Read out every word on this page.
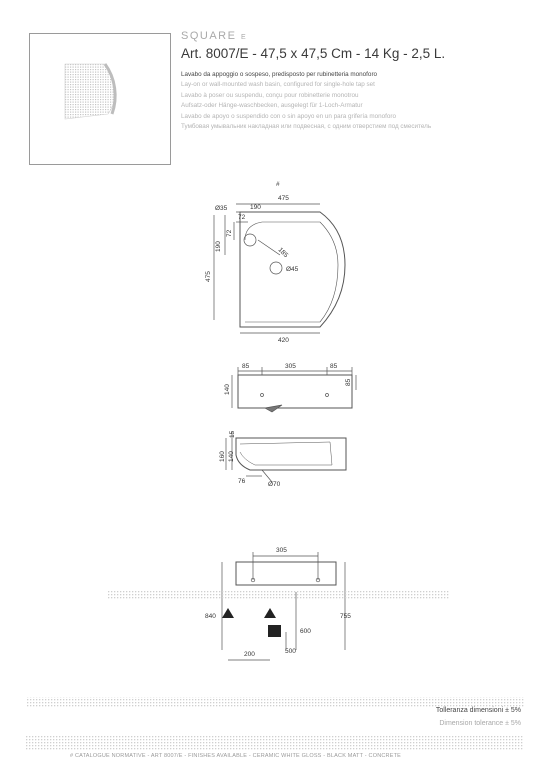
SQUARE E
Art. 8007/E - 47,5 x 47,5 Cm - 14 Kg - 2,5 L.
Lavabo da appoggio o sospeso, predisposto per rubinetteria monoforo
Lay-on or wall-mounted wash basin, configured for single-hole tap set
Lavabo à poser ou suspendu, conçu pour robinetterie monotrou
Aufsatz-oder Hänge-waschbecken, ausgelegt für 1-Loch-Armatur
Lavabo de apoyo o suspendido con o sin apoyo en un para grifería monoforo
Тумбовая умывальник накладная или подвесная, с одним отверстием под смеситель
#
475
190
Ø35
72
72
190
475
185
Ø45
420
85	305	85
140
85
15
160 140
76	Ø70
305
840	755
600
200	500
Tolleranza dimensioni ± 5%
Dimension tolerance ± 5%
# CATALOGUE NORMATIVE - ART 8007/E - FINISHES AVAILABLE - CERAMIC WHITE GLOSS - BLACK MATT - CONCRETE
